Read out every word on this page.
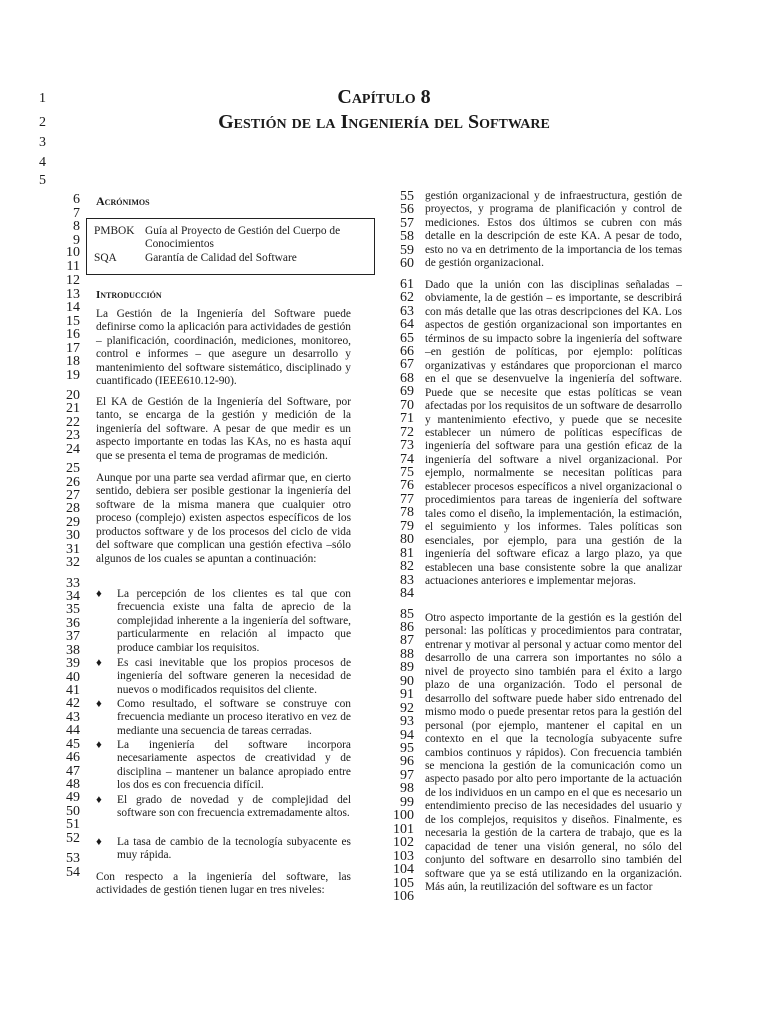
Capítulo 8
Gestión de la Ingeniería del Software
1
2
3
4
5
6
7
8
9
10
11
12
13
14
15
16
17
18
19
20
21
22
23
24
25
26
27
28
29
30
31
32
33
34
35
36
37
38
39
40
41
42
43
44
45
46
47
48
49
50
51
52
53
54
55
56
57
58
59
60
61
62
63
64
65
66
67
68
69
70
71
72
73
74
75
76
77
78
79
80
81
82
83
84
85
86
87
88
89
90
91
92
93
94
95
96
97
98
99
100
101
102
103
104
105
106
Acrónimos
PMBOK Guía al Proyecto de Gestión del Cuerpo de Conocimientos
SQA Garantía de Calidad del Software
Introducción

La Gestión de la Ingeniería del Software puede definirse como la aplicación para actividades de gestión – planificación, coordinación, mediciones, monitoreo, control e informes – que asegure un desarrollo y mantenimiento del software sistemático, disciplinado y cuantificado (IEEE610.12-90).

El KA de Gestión de la Ingeniería del Software, por tanto, se encarga de la gestión y medición de la ingeniería del software. A pesar de que medir es un aspecto importante en todas las KAs, no es hasta aquí que se presenta el tema de programas de medición.

Aunque por una parte sea verdad afirmar que, en cierto sentido, debiera ser posible gestionar la ingeniería del software de la misma manera que cualquier otro proceso (complejo) existen aspectos específicos de los productos software y de los procesos del ciclo de vida del software que complican una gestión efectiva –sólo algunos de los cuales se apuntan a continuación:

♦	La percepción de los clientes es tal que con frecuencia existe una falta de aprecio de la complejidad inherente a la ingeniería del software, particularmente en relación al impacto que produce cambiar los requisitos.

♦	Es casi inevitable que los propios procesos de ingeniería del software generen la necesidad de nuevos o modificados requisitos del cliente.

♦	Como resultado, el software se construye con frecuencia mediante un proceso iterativo en vez de mediante una secuencia de tareas cerradas.

♦	La ingeniería del software incorpora necesariamente aspectos de creatividad y de disciplina – mantener un balance apropiado entre los dos es con frecuencia difícil.

♦	El grado de novedad y de complejidad del software son con frecuencia extremadamente altos.

♦	La tasa de cambio de la tecnología subyacente es muy rápida.

Con respecto a la ingeniería del software, las actividades de gestión tienen lugar en tres niveles:

gestión organizacional y de infraestructura, gestión de proyectos, y programa de planificación y control de mediciones. Estos dos últimos se cubren con más detalle en la descripción de este KA. A pesar de todo, esto no va en detrimento de la importancia de los temas de gestión organizacional.

Dado que la unión con las disciplinas señaladas – obviamente, la de gestión – es importante, se describirá con más detalle que las otras descripciones del KA. Los aspectos de gestión organizacional son importantes en términos de su impacto sobre la ingeniería del software –en gestión de políticas, por ejemplo: políticas organizativas y estándares que proporcionan el marco en el que se desenvuelve la ingeniería del software. Puede que se necesite que estas políticas se vean afectadas por los requisitos de un software de desarrollo y mantenimiento efectivo, y puede que se necesite establecer un número de políticas específicas de ingeniería del software para una gestión eficaz de la ingeniería del software a nivel organizacional. Por ejemplo, normalmente se necesitan políticas para establecer procesos específicos a nivel organizacional o procedimientos para tareas de ingeniería del software tales como el diseño, la implementación, la estimación, el seguimiento y los informes. Tales políticas son esenciales, por ejemplo, para una gestión de la ingeniería del software eficaz a largo plazo, ya que establecen una base consistente sobre la que analizar actuaciones anteriores e implementar mejoras.

Otro aspecto importante de la gestión es la gestión del personal: las políticas y procedimientos para contratar, entrenar y motivar al personal y actuar como mentor del desarrollo de una carrera son importantes no sólo a nivel de proyecto sino también para el éxito a largo plazo de una organización. Todo el personal de desarrollo del software puede haber sido entrenado del mismo modo o puede presentar retos para la gestión del personal (por ejemplo, mantener el capital en un contexto en el que la tecnología subyacente sufre cambios continuos y rápidos). Con frecuencia también se menciona la gestión de la comunicación como un aspecto pasado por alto pero importante de la actuación de los individuos en un campo en el que es necesario un entendimiento preciso de las necesidades del usuario y de los complejos, requisitos y diseños. Finalmente, es necesaria la gestión de la cartera de trabajo, que es la capacidad de tener una visión general, no sólo del conjunto del software en desarrollo sino también del software que ya se está utilizando en la organización. Más aún, la reutilización del software es un factor
